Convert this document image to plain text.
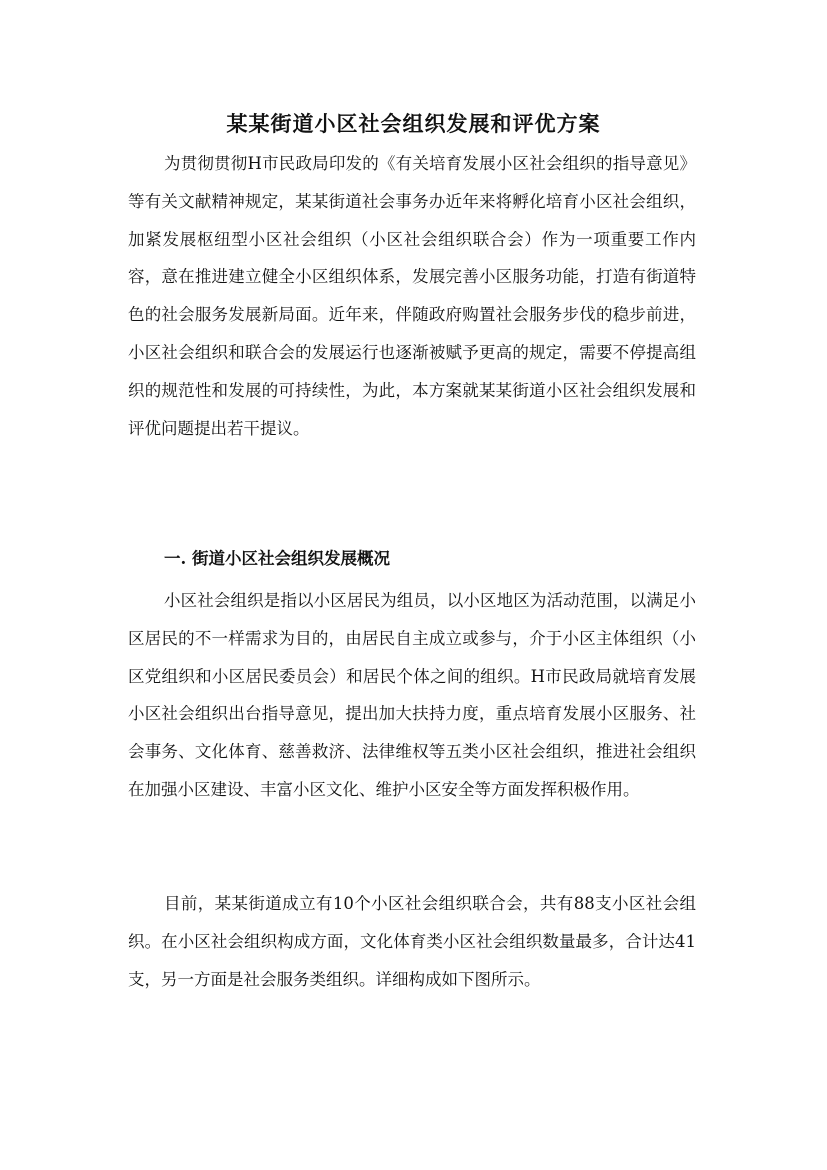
某某街道小区社会组织发展和评优方案

为贯彻贯彻H市民政局印发的《有关培育发展小区社会组织的指导意见》等有关文献精神规定，某某街道社会事务办近年来将孵化培育小区社会组织，加紧发展枢纽型小区社会组织（小区社会组织联合会）作为一项重要工作内容，意在推进建立健全小区组织体系，发展完善小区服务功能，打造有街道特色的社会服务发展新局面。近年来，伴随政府购置社会服务步伐的稳步前进，小区社会组织和联合会的发展运行也逐渐被赋予更高的规定，需要不停提高组织的规范性和发展的可持续性，为此，本方案就某某街道小区社会组织发展和评优问题提出若干提议。

一. 街道小区社会组织发展概况

小区社会组织是指以小区居民为组员，以小区地区为活动范围，以满足小区居民的不一样需求为目的，由居民自主成立或参与，介于小区主体组织（小区党组织和小区居民委员会）和居民个体之间的组织。H市民政局就培育发展小区社会组织出台指导意见，提出加大扶持力度，重点培育发展小区服务、社会事务、文化体育、慈善救济、法律维权等五类小区社会组织，推进社会组织在加强小区建设、丰富小区文化、维护小区安全等方面发挥积极作用。

目前，某某街道成立有10个小区社会组织联合会，共有88支小区社会组织。在小区社会组织构成方面，文化体育类小区社会组织数量最多，合计达41支，另一方面是社会服务类组织。详细构成如下图所示。
